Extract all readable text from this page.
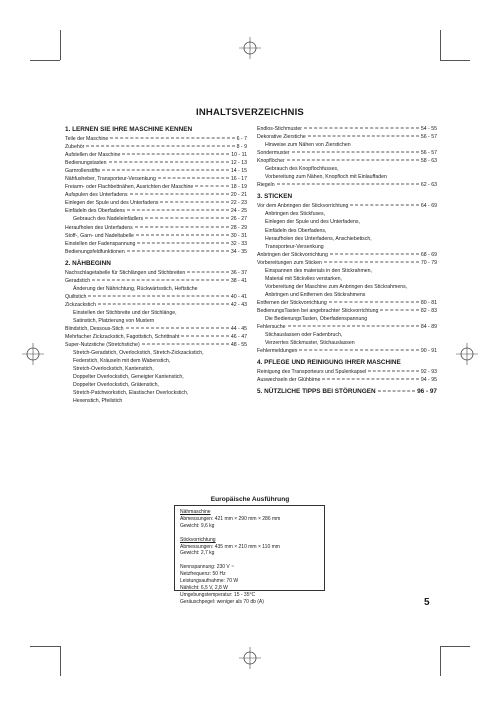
INHALTSVERZEICHNIS
1. LERNEN SIE IHRE MASCHINE KENNEN
Teile der Maschine	6 - 7
Zubehör	8 - 9
Aufstellen der Maschine	10 - 11
Bedienungstasten	12 - 13
Garnrollenstifte	14 - 15
Nähfusheber, Transporteur-Versenkung	16 - 17
Freiarm- oder Flachbettnähen, Ausrichten der Maschine	18 - 19
Aufspulen des Unterfadens	20 - 21
Einlegen der Spule und des Unterfadens	22 - 23
Einfädeln des Oberfadens	24 - 25
Gebrauch des Nadeleinfädlers	26 - 27
Heraufholen des Unterfadens	28 - 29
Stoff-, Garn- und Nadeltabelle	30 - 31
Einstellen der Fadenspannung	32 - 33
Bedienungsfeldfunktionen	34 - 35
2. NÄHBEGINN
Nachschlagetabelle für Stichlängen und Stichbreiten	36 - 37
Geradstich	38 - 41
Änderung der Nährichtung, Rückwärtsstich, Heftstiche
Quiltstich	40 - 41
Zickzackstich	42 - 43
Einstellen der Stichbreite und der Stichlänge,
Satinstich, Platzierung von Mustern
Blindstich, Dessous-Stich	44 - 45
Mehrfacher Zickzackstich, Fagottstich, Schrittnaht	46 - 47
Super-Nutzstiche (Stretchstiche)	48 - 55
Stretch-Geradstich, Overlockstich, Stretch-Zickzackstich,
Federstich, Kräuseln mit dem Wabenstich,
Stretch-Overlockstich, Kantenstich,
Doppelter Overlockstich, Geneigter Kantenstich,
Doppelter Overlockstich, Grätenstich,
Stretch-Patchworkstich, Elastischer Overlockstich,
Hexenstich, Pfeilstich
Endlos-Stichmuster	54 - 55
Dekorative Zierstiche	56 - 57
Hinweise zum Nähen von Zierstichen
Sondermuster	56 - 57
Knopflöcher	58 - 63
Gebrauch des Knopflochfusses,
Vorbereitung zum Nähen, Knopfloch mit Einlauffaden
Riegeln	62 - 63
3. STICKEN
Vor dem Anbringen der Stickvorrichtung	64 - 69
Anbringen des Stickfuses,
Einlegen der Spule und des Unterfadens,
Einfädeln des Oberfadens,
Heraufholen des Unterfadens, Anschiebetisch,
Transporteur-Versenkung
Anbringen der Stickvorrichtung	68 - 69
Vorbereitungen zum Sticken	70 - 79
Einspannen des materials in den Stickrahmen,
Material mit Stickvlies verstarken,
Vorbereitung der Maschine zum Anbringen des Stickrahmens,
Anbringen und Entfernen des Stickrahmens
Entfernen der Stickvorrichtung	80 - 81
BedienungsTasten bei angebrachter Stickvorrichtung	82 - 83
Die BedienungsTasten, Oberfadenspannung
Fehlersuche	84 - 89
Stichauslassen oder Fadenbruch,
Verzerrtes Stickmuster, Stichauslassen
Fehlermeldungen	90 - 91
4. PFLEGE UND REINIGUNG IHRER MASCHINE
Reinigung des Transporteurs und Spulenkapsel	92 - 93
Auswechseln der Glühbirne	94 - 95
5. NÜTZLICHE TIPPS BEI STÖRUNGEN	96 - 97
Europäische Ausführung
Nähmaschine
Abmessungen: 421 mm × 290 mm × 286 mm
Gewicht: 9,6 kg
Stickvorrichtung
Abmessungen: 435 mm × 210 mm × 110 mm
Gewicht: 2,7 kg
Nennspannung: 230 V ~
Netzfrequenz: 50 Hz
Leistungsaufnahme: 70 W
Nählicht: 6,5 V, 2,8 W
Umgebungstemperatur: 15 - 35°C
Geräuschpegel: weniger als 70 db (A)	5
